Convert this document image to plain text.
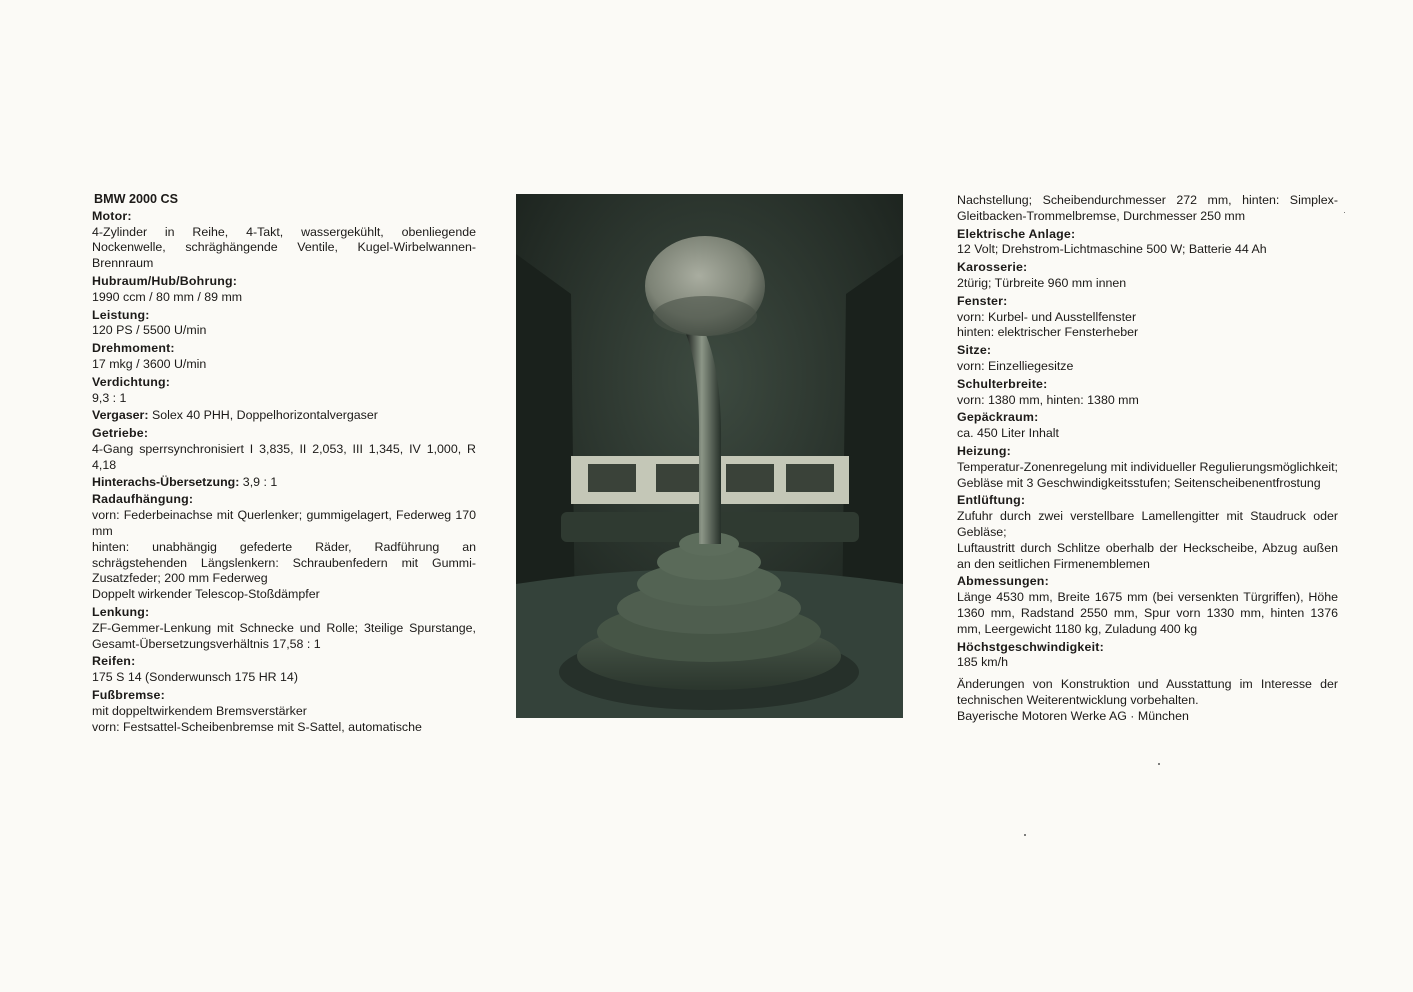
BMW 2000 CS
Motor:

4-Zylinder in Reihe, 4-Takt, wassergekühlt, obenliegende Nockenwelle, schräghängende Ventile, Kugel-Wirbelwannen-Brennraum

Hubraum/Hub/Bohrung:

1990 ccm / 80 mm / 89 mm

Leistung:

120 PS / 5500 U/min

Drehmoment:

17 mkg / 3600 U/min

Verdichtung:

9,3 : 1

Vergaser: Solex 40 PHH, Doppelhorizontalvergaser

Getriebe:

4-Gang sperrsynchronisiert I 3,835, II 2,053, III 1,345, IV 1,000, R 4,18

Hinterachs-Übersetzung: 3,9 : 1

Radaufhängung:

vorn: Federbeinachse mit Querlenker; gummigelagert, Federweg 170 mm

hinten: unabhängig gefederte Räder, Radführung an schrägstehenden Längslenkern: Schraubenfedern mit Gummi-Zusatzfeder; 200 mm Federweg

Doppelt wirkender Telescop-Stoßdämpfer

Lenkung:

ZF-Gemmer-Lenkung mit Schnecke und Rolle; 3teilige Spurstange, Gesamt-Übersetzungsverhältnis 17,58 : 1

Reifen:

175 S 14 (Sonderwunsch 175 HR 14)

Fußbremse:

mit doppeltwirkendem Bremsverstärker

vorn: Festsattel-Scheibenbremse mit S-Sattel, automatische

Nachstellung; Scheibendurchmesser 272 mm, hinten: Simplex-Gleitbacken-Trommelbremse, Durchmesser 250 mm

Elektrische Anlage:

12 Volt; Drehstrom-Lichtmaschine 500 W; Batterie 44 Ah

Karosserie:

2türig; Türbreite 960 mm innen

Fenster:

vorn: Kurbel- und Ausstellfenster

hinten: elektrischer Fensterheber

Sitze:

vorn: Einzelliegesitze

Schulterbreite:

vorn: 1380 mm, hinten: 1380 mm

Gepäckraum:

ca. 450 Liter Inhalt

Heizung:

Temperatur-Zonenregelung mit individueller Regulierungsmöglichkeit; Gebläse mit 3 Geschwindigkeitsstufen; Seitenscheibenentfrostung

Entlüftung:

Zufuhr durch zwei verstellbare Lamellengitter mit Staudruck oder Gebläse;

Luftaustritt durch Schlitze oberhalb der Heckscheibe, Abzug außen an den seitlichen Firmenemblemen

Abmessungen:

Länge 4530 mm, Breite 1675 mm (bei versenkten Türgriffen), Höhe 1360 mm, Radstand 2550 mm, Spur vorn 1330 mm, hinten 1376 mm, Leergewicht 1180 kg, Zuladung 400 kg

Höchstgeschwindigkeit:

185 km/h

Änderungen von Konstruktion und Ausstattung im Interesse der technischen Weiterentwicklung vorbehalten.

Bayerische Motoren Werke AG · München
